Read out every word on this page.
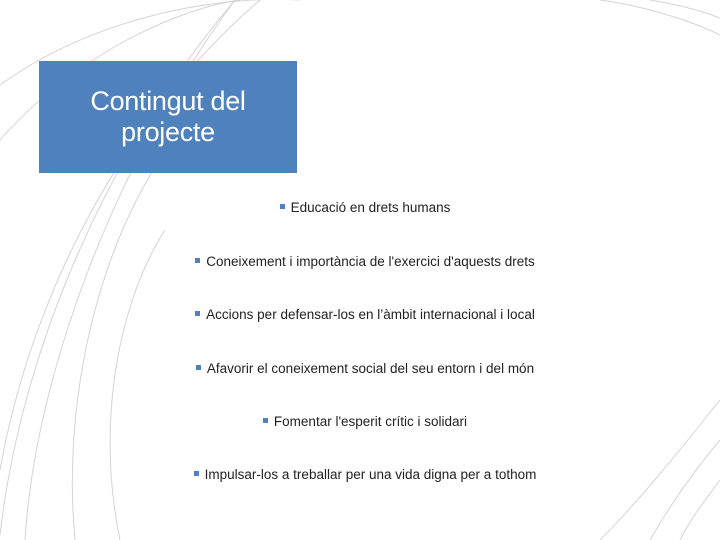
Contingut del projecte
Educació en drets humans
Coneixement i importància de l'exercici d'aquests drets
Accions per defensar-los en l’àmbit internacional i local
Afavorir el coneixement social del seu entorn i del món
Fomentar l'esperit crític i solidari
Impulsar-los a treballar per una vida digna per a tothom
